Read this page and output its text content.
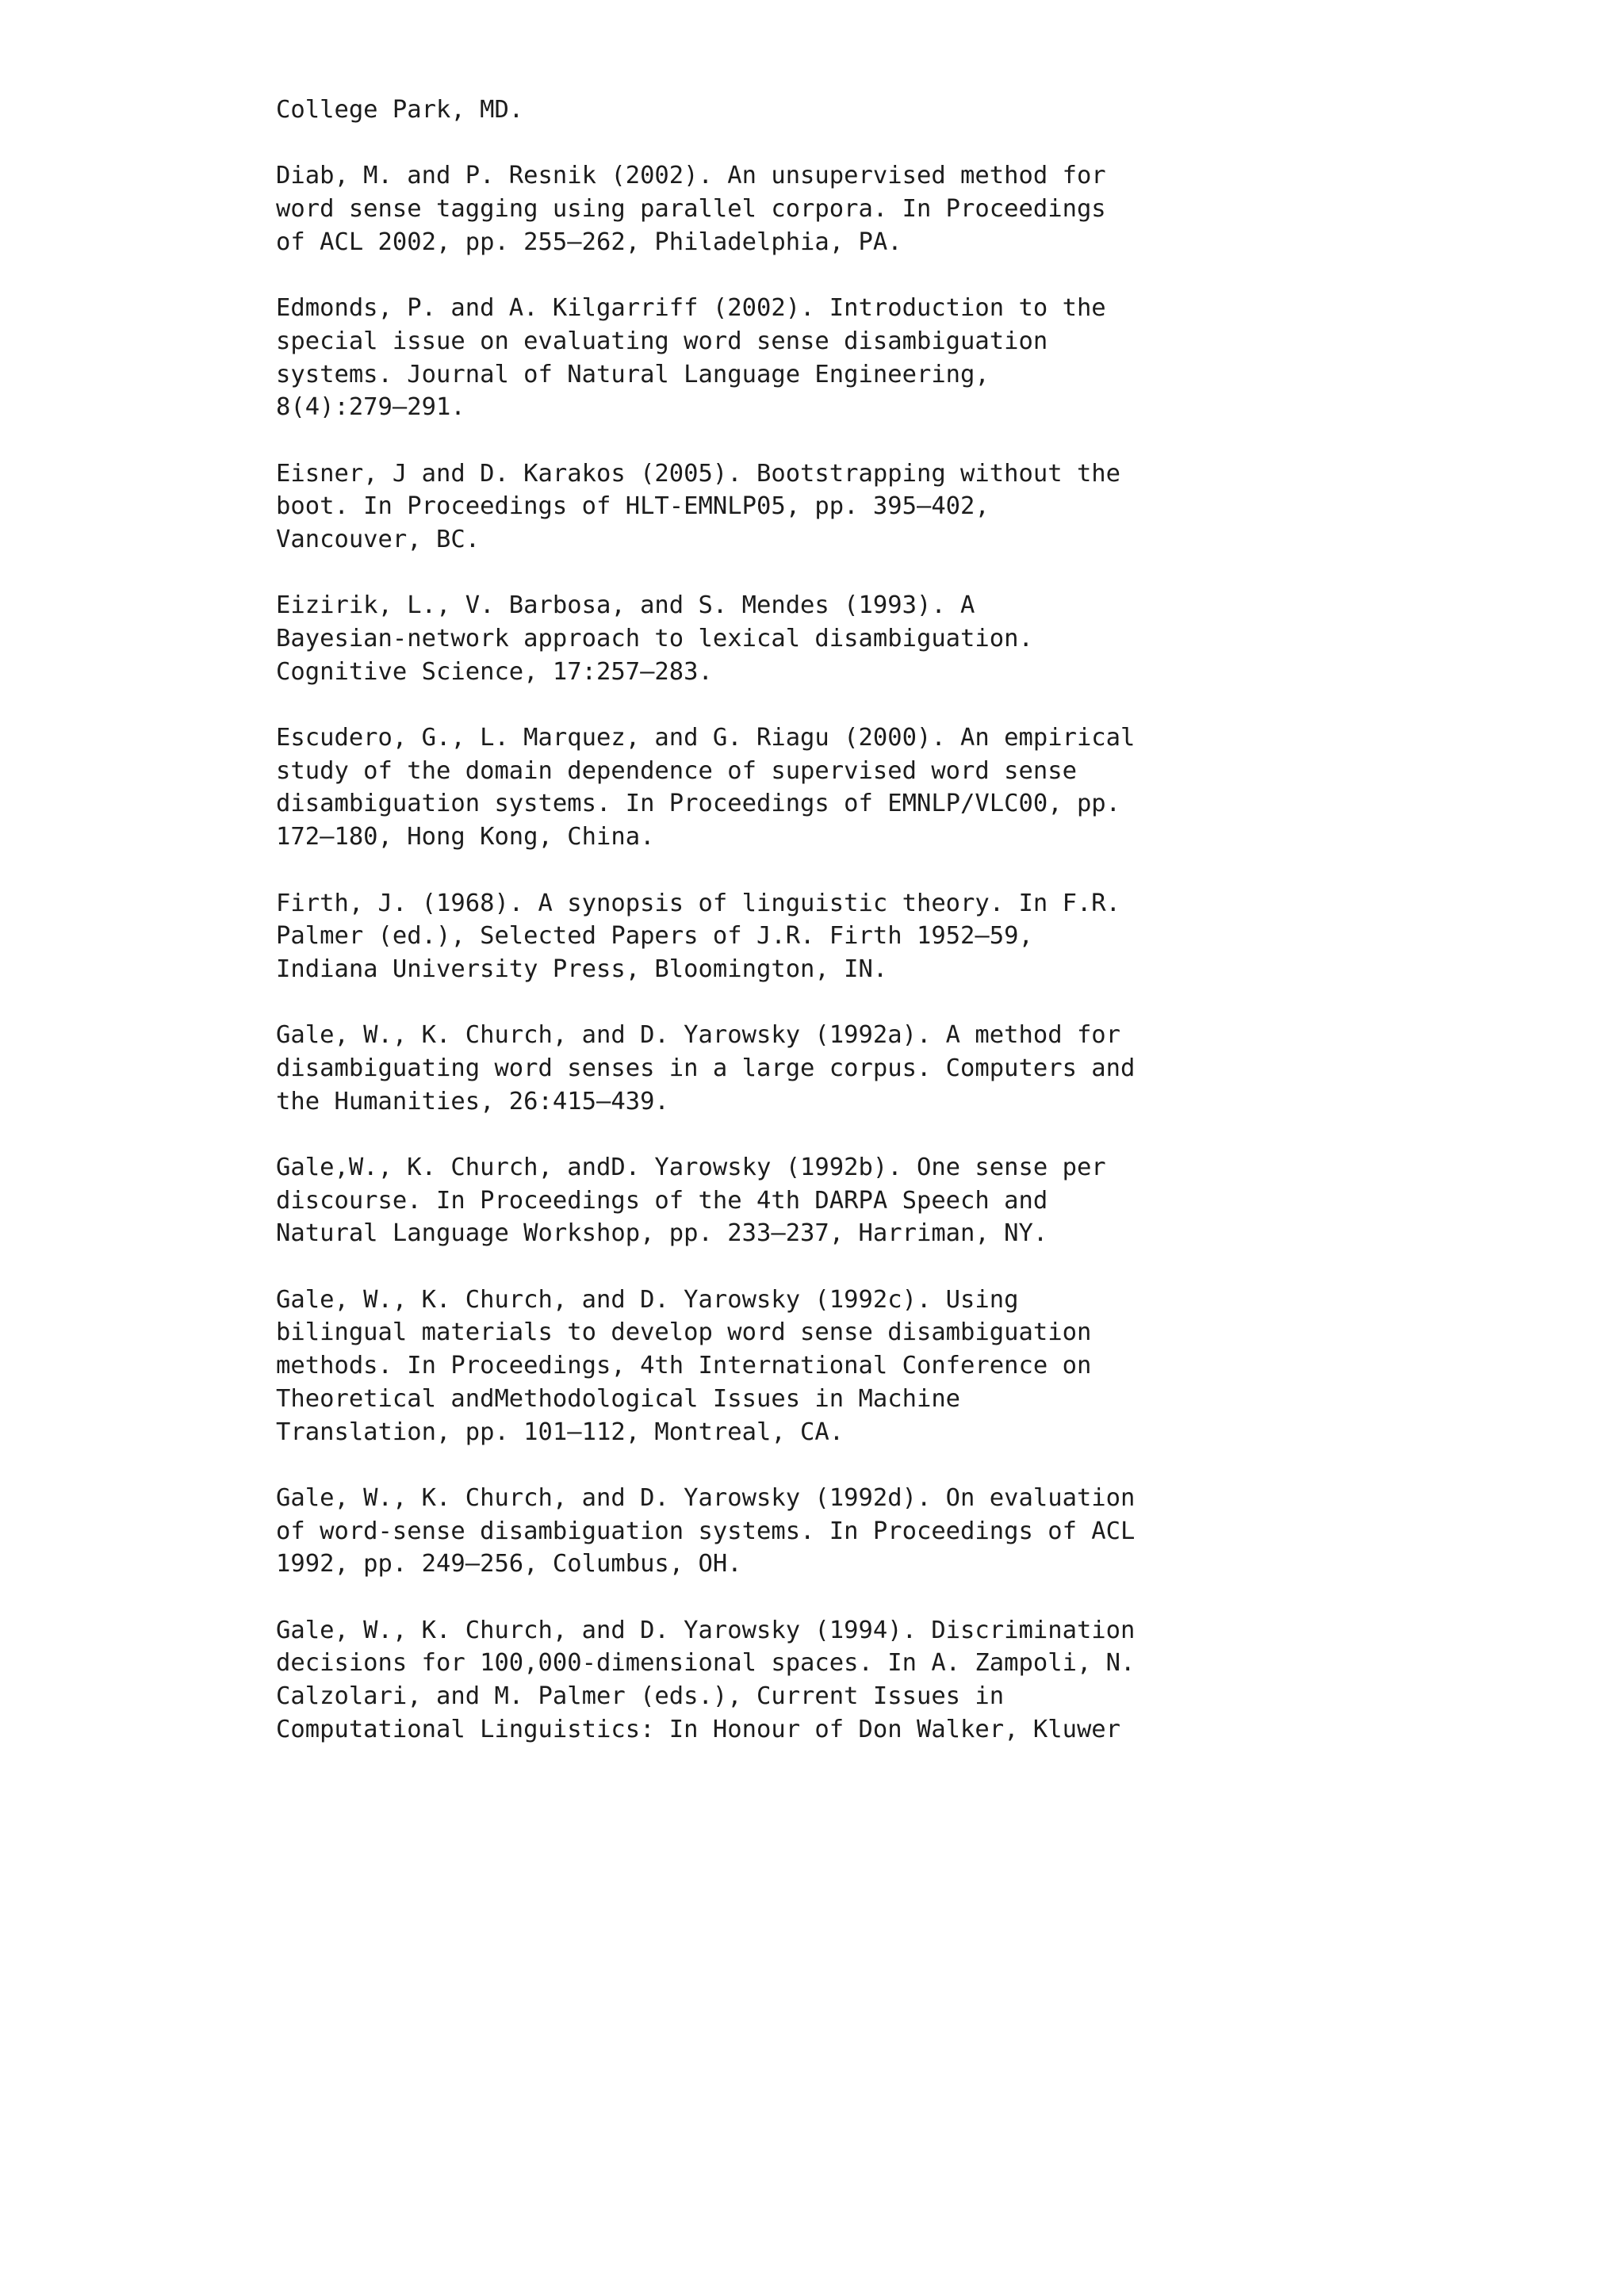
College Park, MD.
Diab, M. and P. Resnik (2002). An unsupervised method for
word sense tagging using parallel corpora. In Proceedings
of ACL 2002, pp. 255–262, Philadelphia, PA.
Edmonds, P. and A. Kilgarriff (2002). Introduction to the
special issue on evaluating word sense disambiguation
systems. Journal of Natural Language Engineering,
8(4):279–291.
Eisner, J and D. Karakos (2005). Bootstrapping without the
boot. In Proceedings of HLT-EMNLP05, pp. 395–402,
Vancouver, BC.
Eizirik, L., V. Barbosa, and S. Mendes (1993). A
Bayesian-network approach to lexical disambiguation.
Cognitive Science, 17:257–283.
Escudero, G., L. Marquez, and G. Riagu (2000). An empirical
study of the domain dependence of supervised word sense
disambiguation systems. In Proceedings of EMNLP/VLC00, pp.
172–180, Hong Kong, China.
Firth, J. (1968). A synopsis of linguistic theory. In F.R.
Palmer (ed.), Selected Papers of J.R. Firth 1952–59,
Indiana University Press, Bloomington, IN.
Gale, W., K. Church, and D. Yarowsky (1992a). A method for
disambiguating word senses in a large corpus. Computers and
the Humanities, 26:415–439.
Gale,W., K. Church, andD. Yarowsky (1992b). One sense per
discourse. In Proceedings of the 4th DARPA Speech and
Natural Language Workshop, pp. 233–237, Harriman, NY.
Gale, W., K. Church, and D. Yarowsky (1992c). Using
bilingual materials to develop word sense disambiguation
methods. In Proceedings, 4th International Conference on
Theoretical andMethodological Issues in Machine
Translation, pp. 101–112, Montreal, CA.
Gale, W., K. Church, and D. Yarowsky (1992d). On evaluation
of word-sense disambiguation systems. In Proceedings of ACL
1992, pp. 249–256, Columbus, OH.
Gale, W., K. Church, and D. Yarowsky (1994). Discrimination
decisions for 100,000-dimensional spaces. In A. Zampoli, N.
Calzolari, and M. Palmer (eds.), Current Issues in
Computational Linguistics: In Honour of Don Walker, Kluwer
